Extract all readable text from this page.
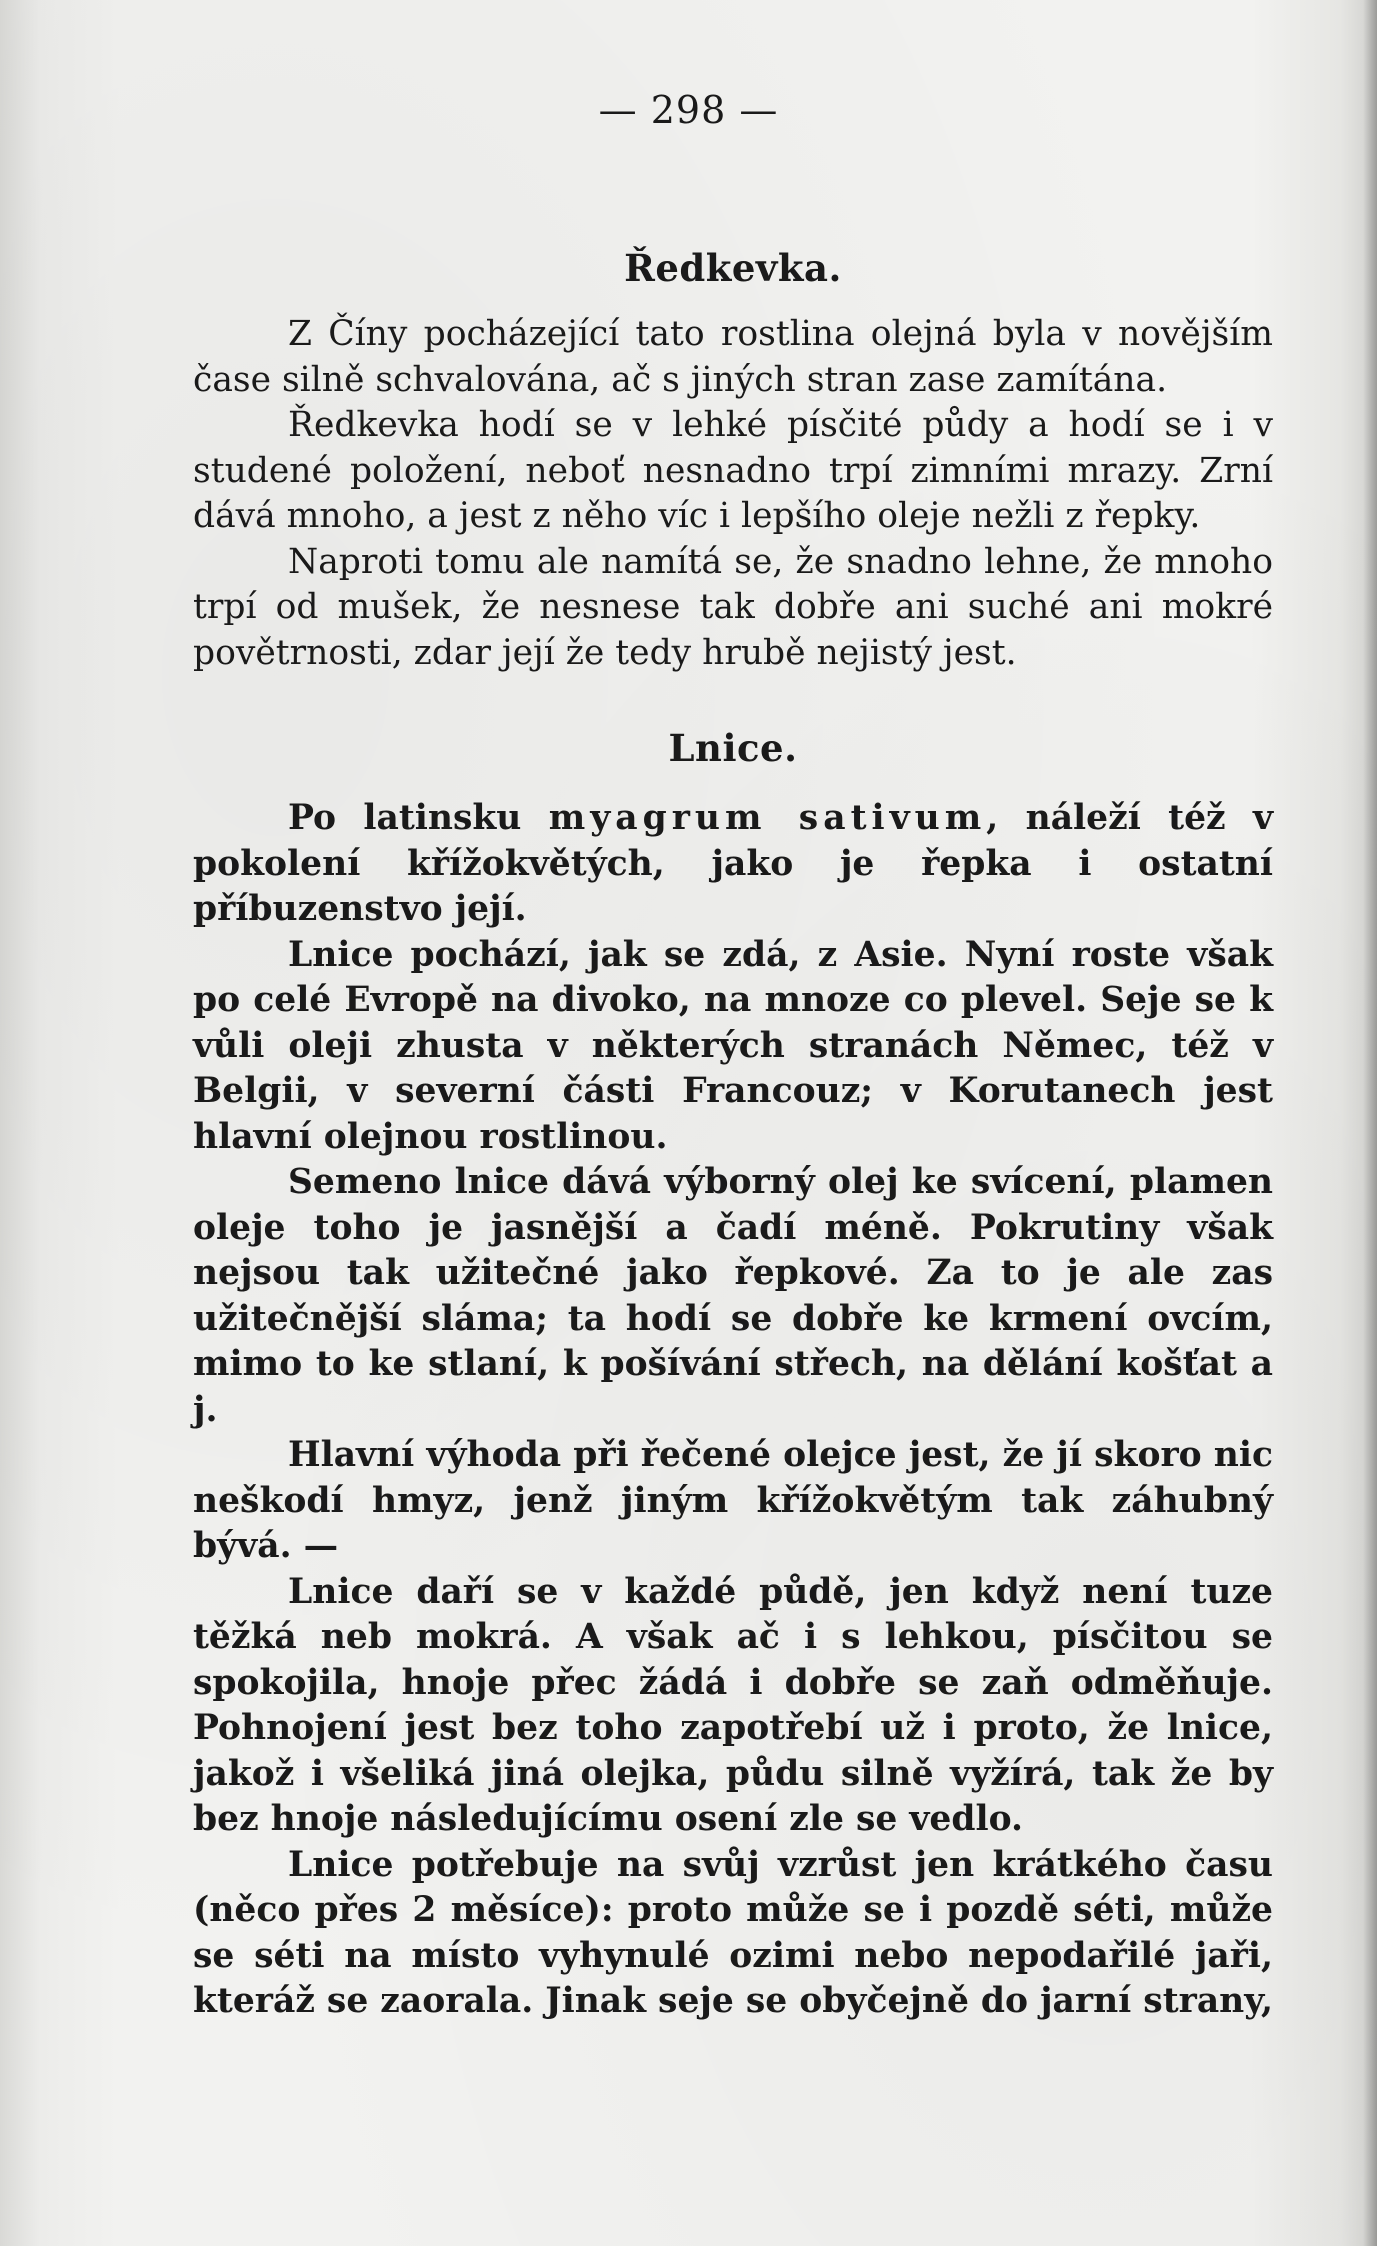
— 298 —
Ředkevka.

Z Číny pocházející tato rostlina olejná byla v novějším čase silně schvalována, ač s jiných stran zase zamítána.

Ředkevka hodí se v lehké písčité půdy a hodí se i v studené položení, neboť nesnadno trpí zimními mrazy. Zrní dává mnoho, a jest z něho víc i lepšího oleje nežli z řepky.

Naproti tomu ale namítá se, že snadno lehne, že mnoho trpí od mušek, že nesnese tak dobře ani suché ani mokré povětrnosti, zdar její že tedy hrubě nejistý jest.

Lnice.

Po latinsku myagrum sativum, náleží též v pokolení křížokvětých, jako je řepka i ostatní příbuzenstvo její.

Lnice pochází, jak se zdá, z Asie. Nyní roste však po celé Evropě na divoko, na mnoze co plevel. Seje se k vůli oleji zhusta v některých stranách Němec, též v Belgii, v severní části Francouz; v Korutanech jest hlavní olejnou rostlinou.

Semeno lnice dává výborný olej ke svícení, plamen oleje toho je jasnější a čadí méně. Pokrutiny však nejsou tak užitečné jako řepkové. Za to je ale zas užitečnější sláma; ta hodí se dobře ke krmení ovcím, mimo to ke stlaní, k pošívání střech, na dělání košťat a j.

Hlavní výhoda při řečené olejce jest, že jí skoro nic neškodí hmyz, jenž jiným křížokvětým tak záhubný bývá. —

Lnice daří se v každé půdě, jen když není tuze těžká neb mokrá. A však ač i s lehkou, písčitou se spokojila, hnoje přec žádá i dobře se zaň odměňuje. Pohnojení jest bez toho zapotřebí už i proto, že lnice, jakož i všeliká jiná olejka, půdu silně vyžírá, tak že by bez hnoje následujícímu osení zle se vedlo.

Lnice potřebuje na svůj vzrůst jen krátkého času (něco přes 2 měsíce): proto může se i pozdě séti, může se séti na místo vyhynulé ozimi nebo nepodařilé jaři, kteráž se zaorala. Jinak seje se obyčejně do jarní strany,
